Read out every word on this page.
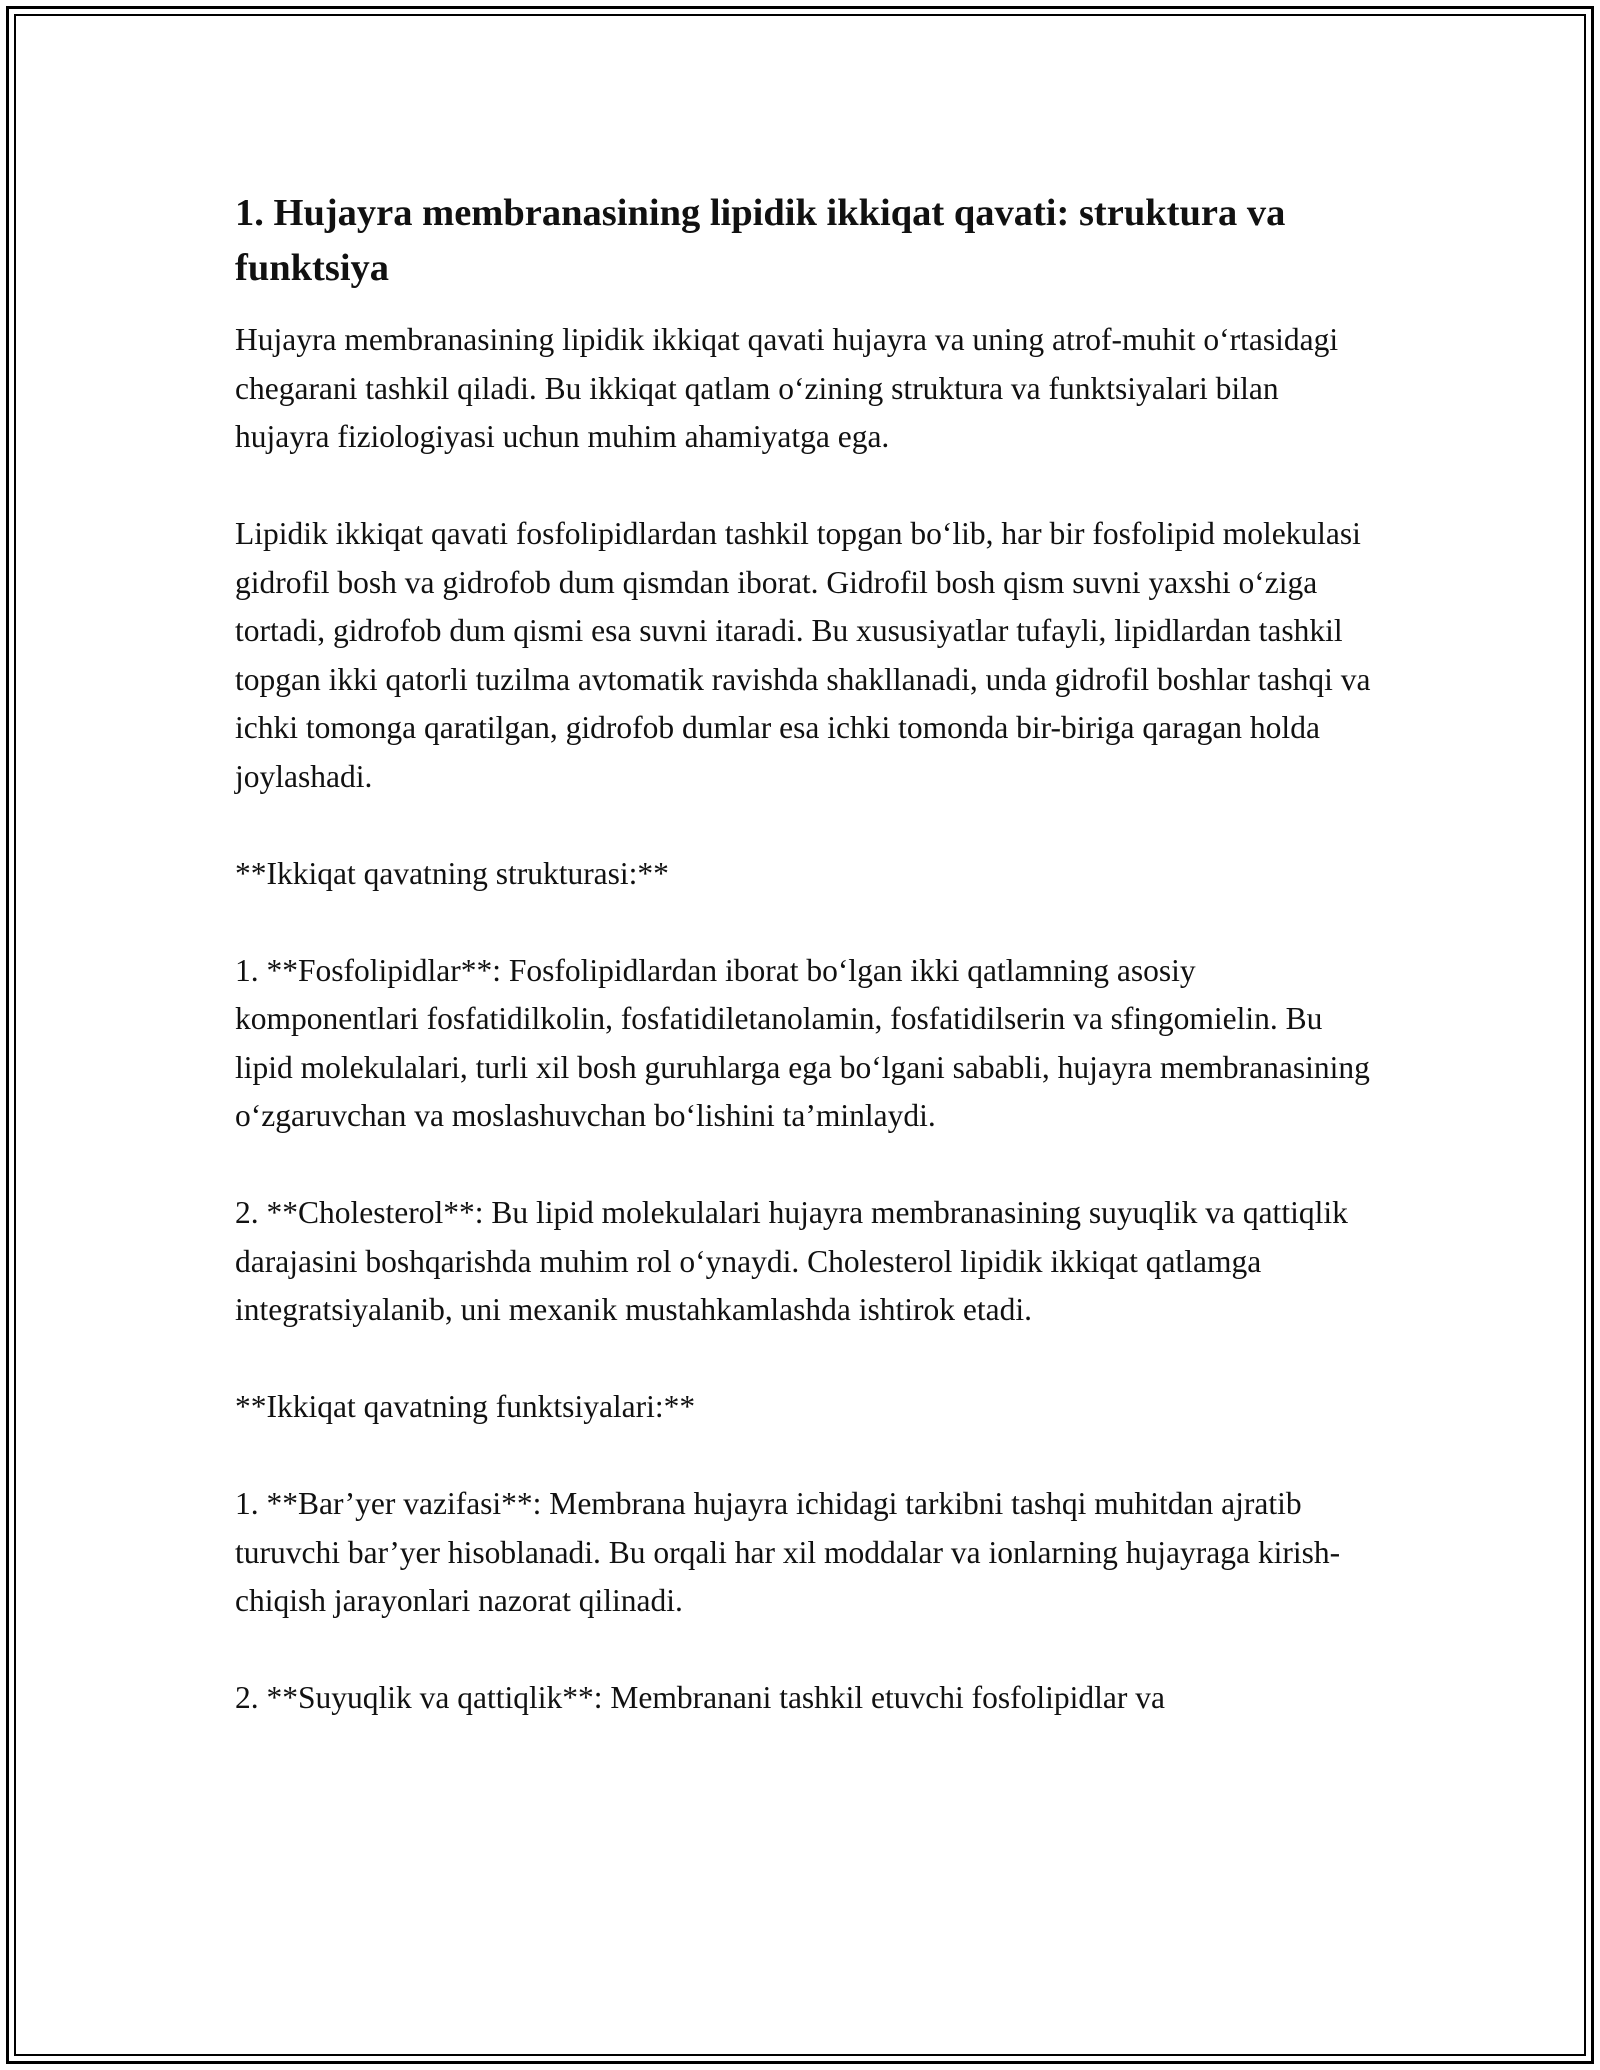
1. Hujayra membranasining lipidik ikkiqat qavati: struktura va funktsiya

Hujayra membranasining lipidik ikkiqat qavati hujayra va uning atrof-muhit o‘rtasidagi chegarani tashkil qiladi. Bu ikkiqat qatlam o‘zining struktura va funktsiyalari bilan hujayra fiziologiyasi uchun muhim ahamiyatga ega.

Lipidik ikkiqat qavati fosfolipidlardan tashkil topgan bo‘lib, har bir fosfolipid molekulasi gidrofil bosh va gidrofob dum qismdan iborat. Gidrofil bosh qism suvni yaxshi o‘ziga tortadi, gidrofob dum qismi esa suvni itaradi. Bu xususiyatlar tufayli, lipidlardan tashkil topgan ikki qatorli tuzilma avtomatik ravishda shakllanadi, unda gidrofil boshlar tashqi va ichki tomonga qaratilgan, gidrofob dumlar esa ichki tomonda bir-biriga qaragan holda joylashadi.

**Ikkiqat qavatning strukturasi:**

1. **Fosfolipidlar**: Fosfolipidlardan iborat bo‘lgan ikki qatlamning asosiy komponentlari fosfatidilkolin, fosfatidiletanolamin, fosfatidilserin va sfingomielin. Bu lipid molekulalari, turli xil bosh guruhlarga ega bo‘lgani sababli, hujayra membranasining o‘zgaruvchan va moslashuvchan bo‘lishini ta’minlaydi.

2. **Cholesterol**: Bu lipid molekulalari hujayra membranasining suyuqlik va qattiqlik darajasini boshqarishda muhim rol o‘ynaydi. Cholesterol lipidik ikkiqat qatlamga integratsiyalanib, uni mexanik mustahkamlashda ishtirok etadi.

**Ikkiqat qavatning funktsiyalari:**

1. **Bar’yer vazifasi**: Membrana hujayra ichidagi tarkibni tashqi muhitdan ajratib turuvchi bar’yer hisoblanadi. Bu orqali har xil moddalar va ionlarning hujayraga kirish-chiqish jarayonlari nazorat qilinadi.

2. **Suyuqlik va qattiqlik**: Membranani tashkil etuvchi fosfolipidlar va
